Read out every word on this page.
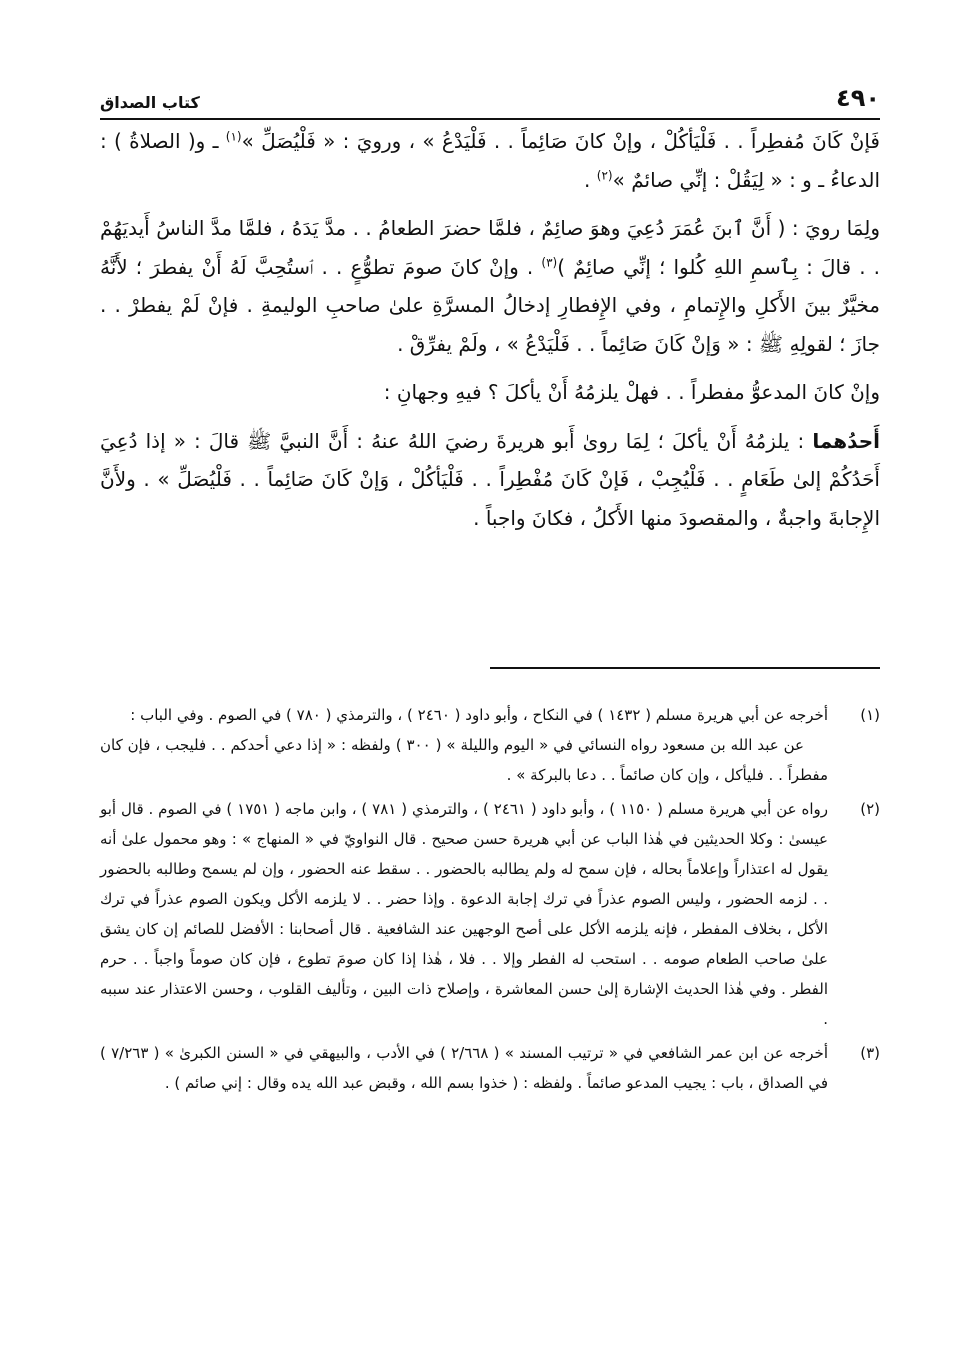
٤٩٠
كتاب الصداق

فَإنْ كَانَ مُفطِراً . . فَلْيَأكُلْ ، وإنْ كانَ صَائِماً . . فَلْيَدْعُ » ، ورويَ : « فَلْيُصَلِّ »$^{(١)}$ ـ و( الصلاةُ ) : الدعاءُ ـ و : « لِيَقُلْ : إنِّي صائمٌ »$^{(٢)}$ .

ولِمَا رويَ : ( أَنَّ ٱبنَ عُمَرَ دُعِيَ وهوَ صائِمٌ ، فلمَّا حضرَ الطعامُ . . مدَّ يَدَهُ ، فلمَّا مدَّ الناسُ أَيديَهُمْ . . قالَ : بِٱسمِ اللهِ كُلوا ؛ إنِّي صائِمٌ )$^{(٣)}$ . وإنْ كانَ صومَ تطوُّعٍ . . ٱستُحِبَّ لَهُ أَنْ يفطرَ ؛ لأَنَّهُ مخيَّرٌ بينَ الأَكلِ والإِتمامِ ، وفي الإِفطارِ إدخالُ المسرَّةِ علىٰ صاحبِ الوليمةِ . فإنْ لَمْ يفطرْ . . جازَ ؛ لقولِهِ ﷺ : « وَإنْ كَانَ صَائِماً . . فَلْيَدْعُ » ، ولَمْ يفرِّقْ .

وإنْ كانَ المدعوُّ مفطراً . . فهلْ يلزمُهُ أَنْ يأكلَ ؟ فيهِ وجهانِ :

أَحدُهما : يلزمُهُ أَنْ يأكلَ ؛ لِمَا روىٰ أَبو هريرةَ رضيَ اللهُ عنهُ : أَنَّ النبيَّ ﷺ قالَ : « إذا دُعِيَ أَحَدُكُمْ إلىٰ طَعَامٍ . . فَلْيُجِبْ ، فَإنْ كَانَ مُفْطِراً . . فَلْيَأكُلْ ، وَإنْ كَانَ صَائِماً . . فَلْيُصَلِّ » . ولأَنَّ الإِجابةَ واجبةٌ ، والمقصودَ منها الأَكلُ ، فكانَ واجباً .

(١)

أخرجه عن أبي هريرة مسلم ( ١٤٣٢ ) في النكاح ، وأبو داود ( ٢٤٦٠ ) ، والترمذي ( ٧٨٠ ) في الصوم . وفي الباب :

عن عبد الله بن مسعود رواه النسائي في « اليوم والليلة » ( ٣٠٠ ) ولفظه : « إذا دعي أحدكم . . فليجب ، فإن كان مفطراً . . فليأكل ، وإن كان صائماً . . دعا بالبركة » .

(٢)

رواه عن أبي هريرة مسلم ( ١١٥٠ ) ، وأبو داود ( ٢٤٦١ ) ، والترمذي ( ٧٨١ ) ، وابن ماجه ( ١٧٥١ ) في الصوم . قال أبو عيسىٰ : وكلا الحديثين في هٰذا الباب عن أبي هريرة حسن صحيح . قال النواويّ في « المنهاج » : وهو محمول علىٰ أنه يقول له اعتذاراً وإعلاماً بحاله ، فإن سمح له ولم يطالبه بالحضور . . سقط عنه الحضور ، وإن لم يسمح وطالبه بالحضور . . لزمه الحضور ، وليس الصوم عذراً في ترك إجابة الدعوة . وإذا حضر . . لا يلزمه الأكل ويكون الصوم عذراً في ترك الأكل ، بخلاف المفطر ، فإنه يلزمه الأكل على أصح الوجهين عند الشافعية . قال أصحابنا : الأفضل للصائم إن كان يشق علىٰ صاحب الطعام صومه . . استحب له الفطر وإلا . . فلا ، هٰذا إذا كان صومَ تطوع ، فإن كان صوماً واجباً . . حرم الفطر . وفي هٰذا الحديث الإشارة إلىٰ حسن المعاشرة ، وإصلاح ذات البين ، وتأليف القلوب ، وحسن الاعتذار عند سببه .

(٣)

أخرجه عن ابن عمر الشافعي في « ترتيب المسند » ( ٢/٦٦٨ ) في الأدب ، والبيهقي في « السنن الكبرىٰ » ( ٧/٢٦٣ ) في الصداق ، باب : يجيب المدعو صائماً . ولفظه : ( خذوا بسم الله ، وقبض عبد الله يده وقال : إني صائم ) .
